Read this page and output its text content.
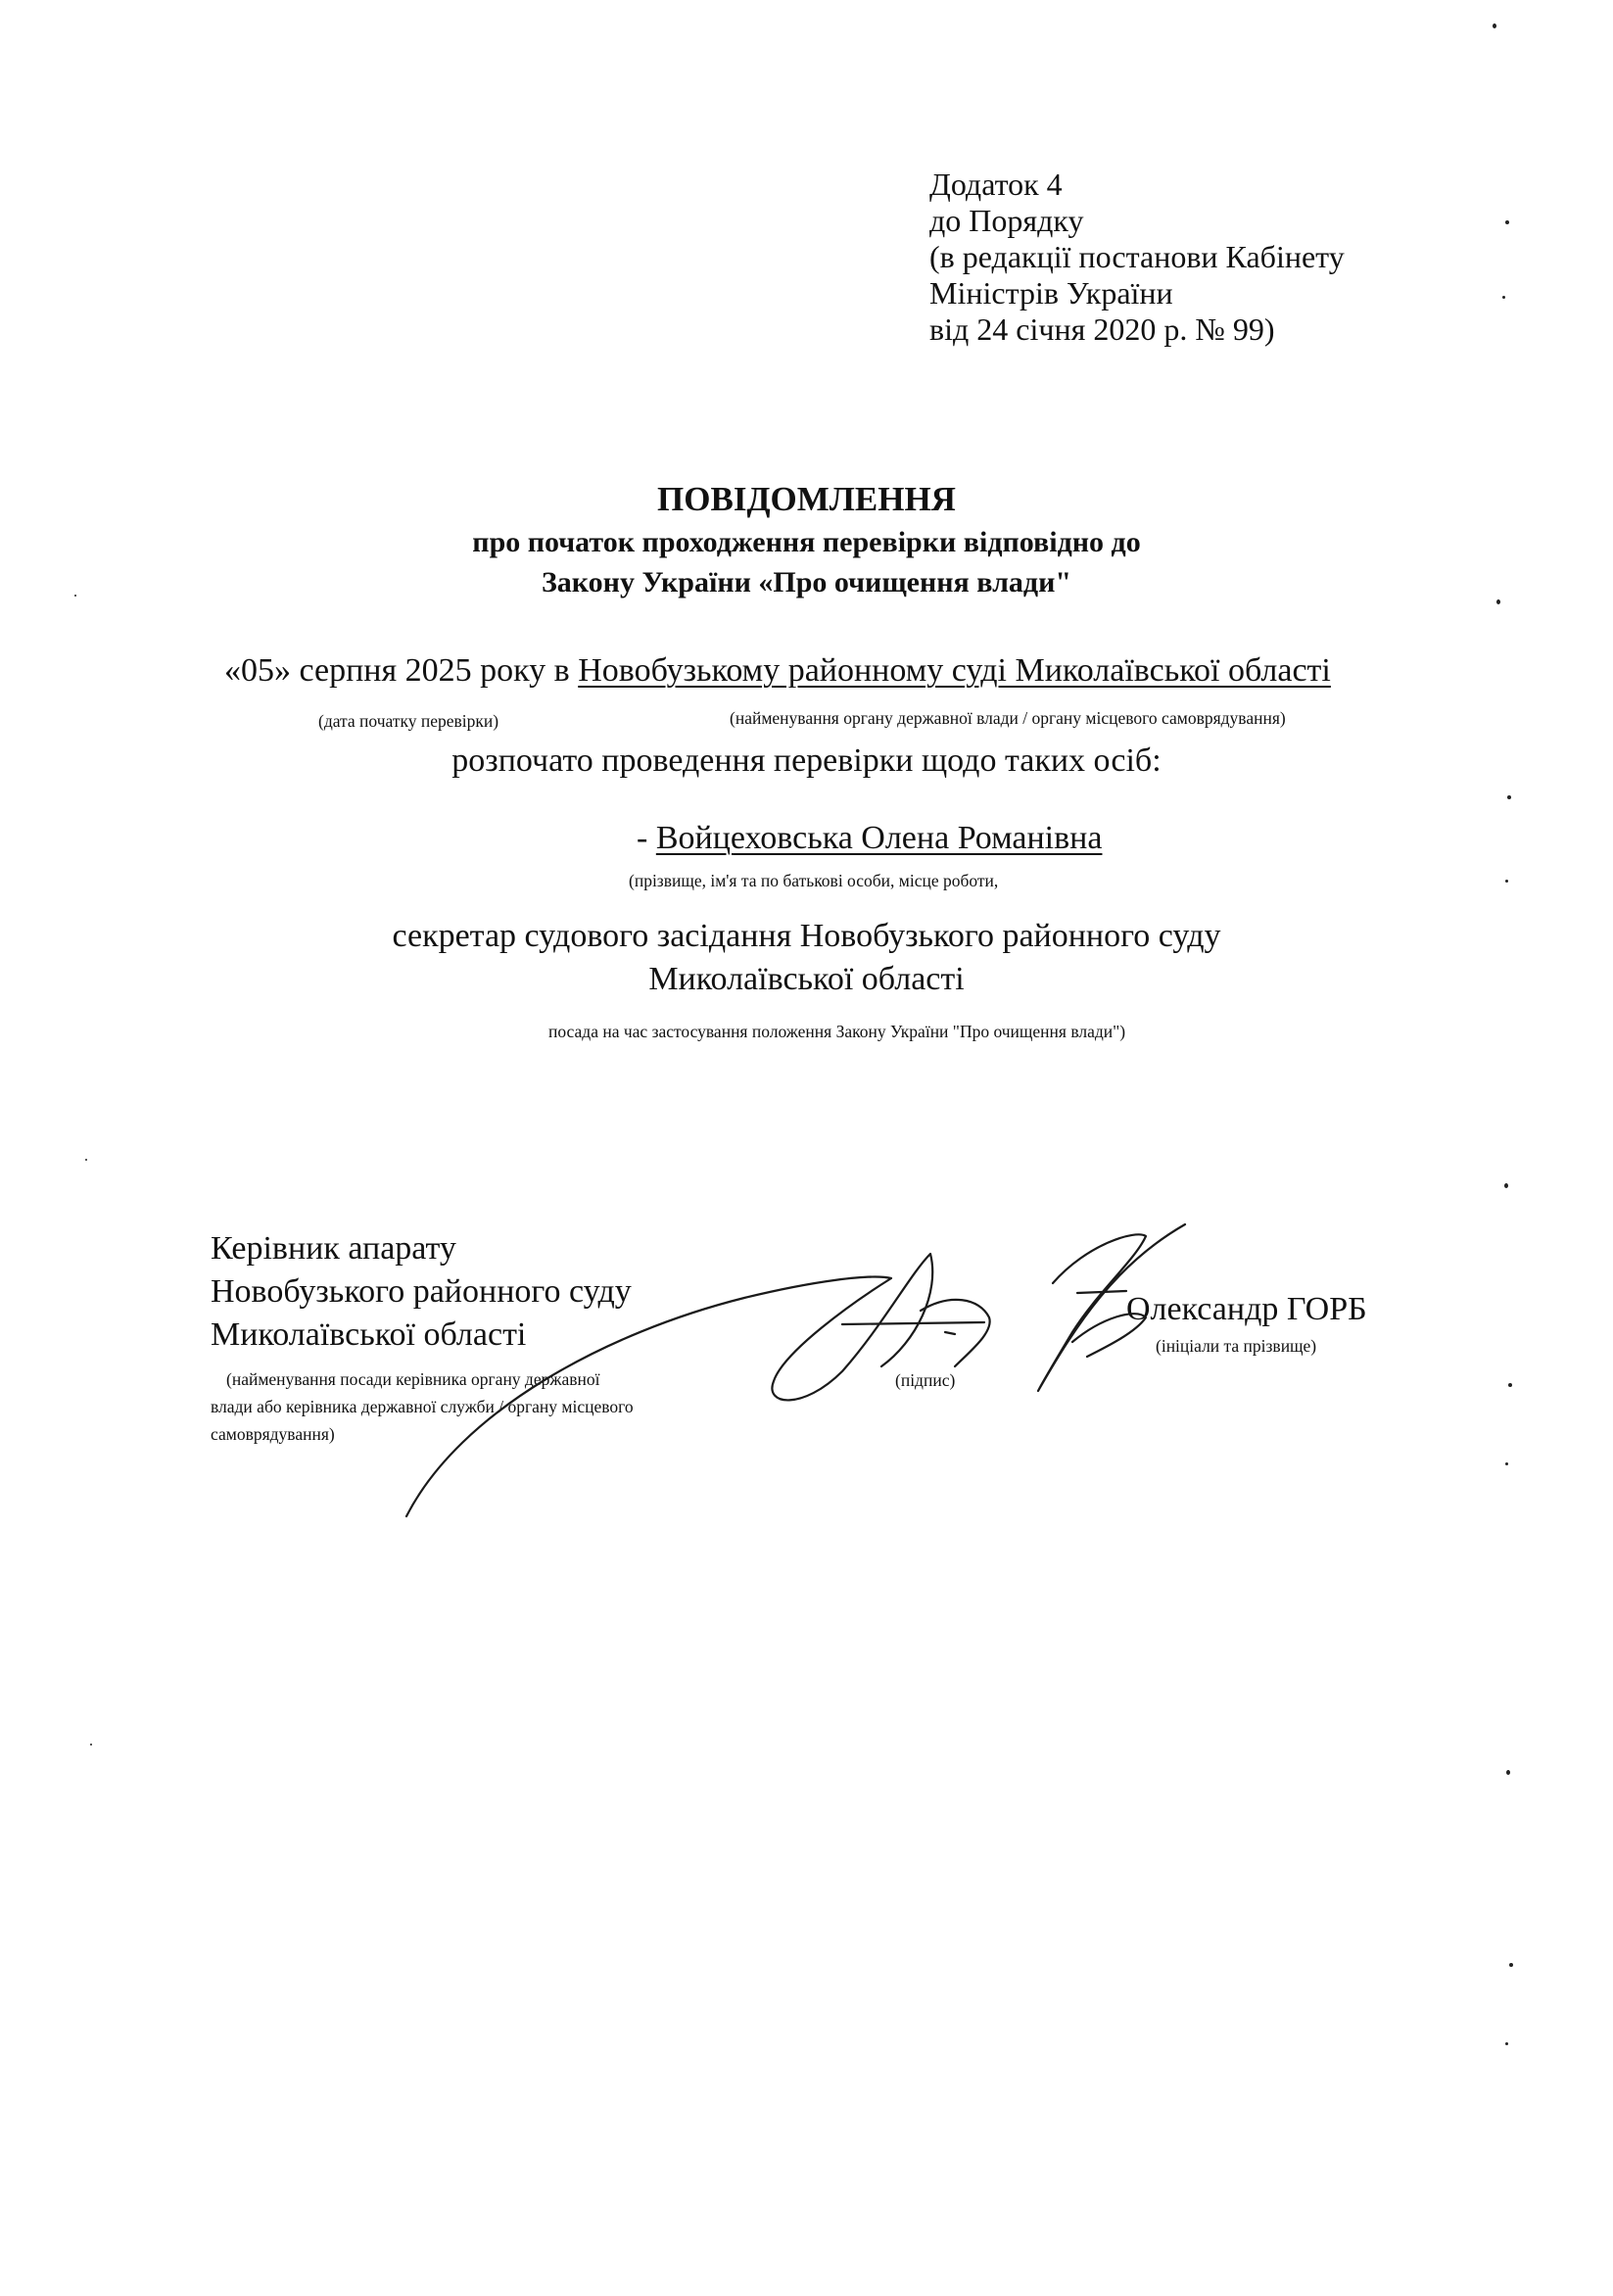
Додаток 4
до Порядку
(в редакції постанови Кабінету
Міністрів України
від 24 січня 2020 р. № 99)
ПОВІДОМЛЕННЯ
про початок проходження перевірки відповідно до
Закону України «Про очищення влади"
«05» серпня 2025 року в Новобузькому районному суді Миколаївської області
(дата початку перевірки)	(найменування органу державної влади / органу місцевого самоврядування)
розпочато проведення перевірки щодо таких осіб:
- Войцеховська Олена Романівна
(прізвище, ім'я та по батькові особи, місце роботи,
секретар судового засідання Новобузького районного суду
Миколаївської області
посада на час застосування положення Закону України "Про очищення влади")
Керівник апарату
Новобузького районного суду
Миколаївської області
(найменування посади керівника органу державної
влади або керівника державної служби / органу місцевого
самоврядування)
(підпис)
Олександр ГОРБ
(ініціали та прізвище)
